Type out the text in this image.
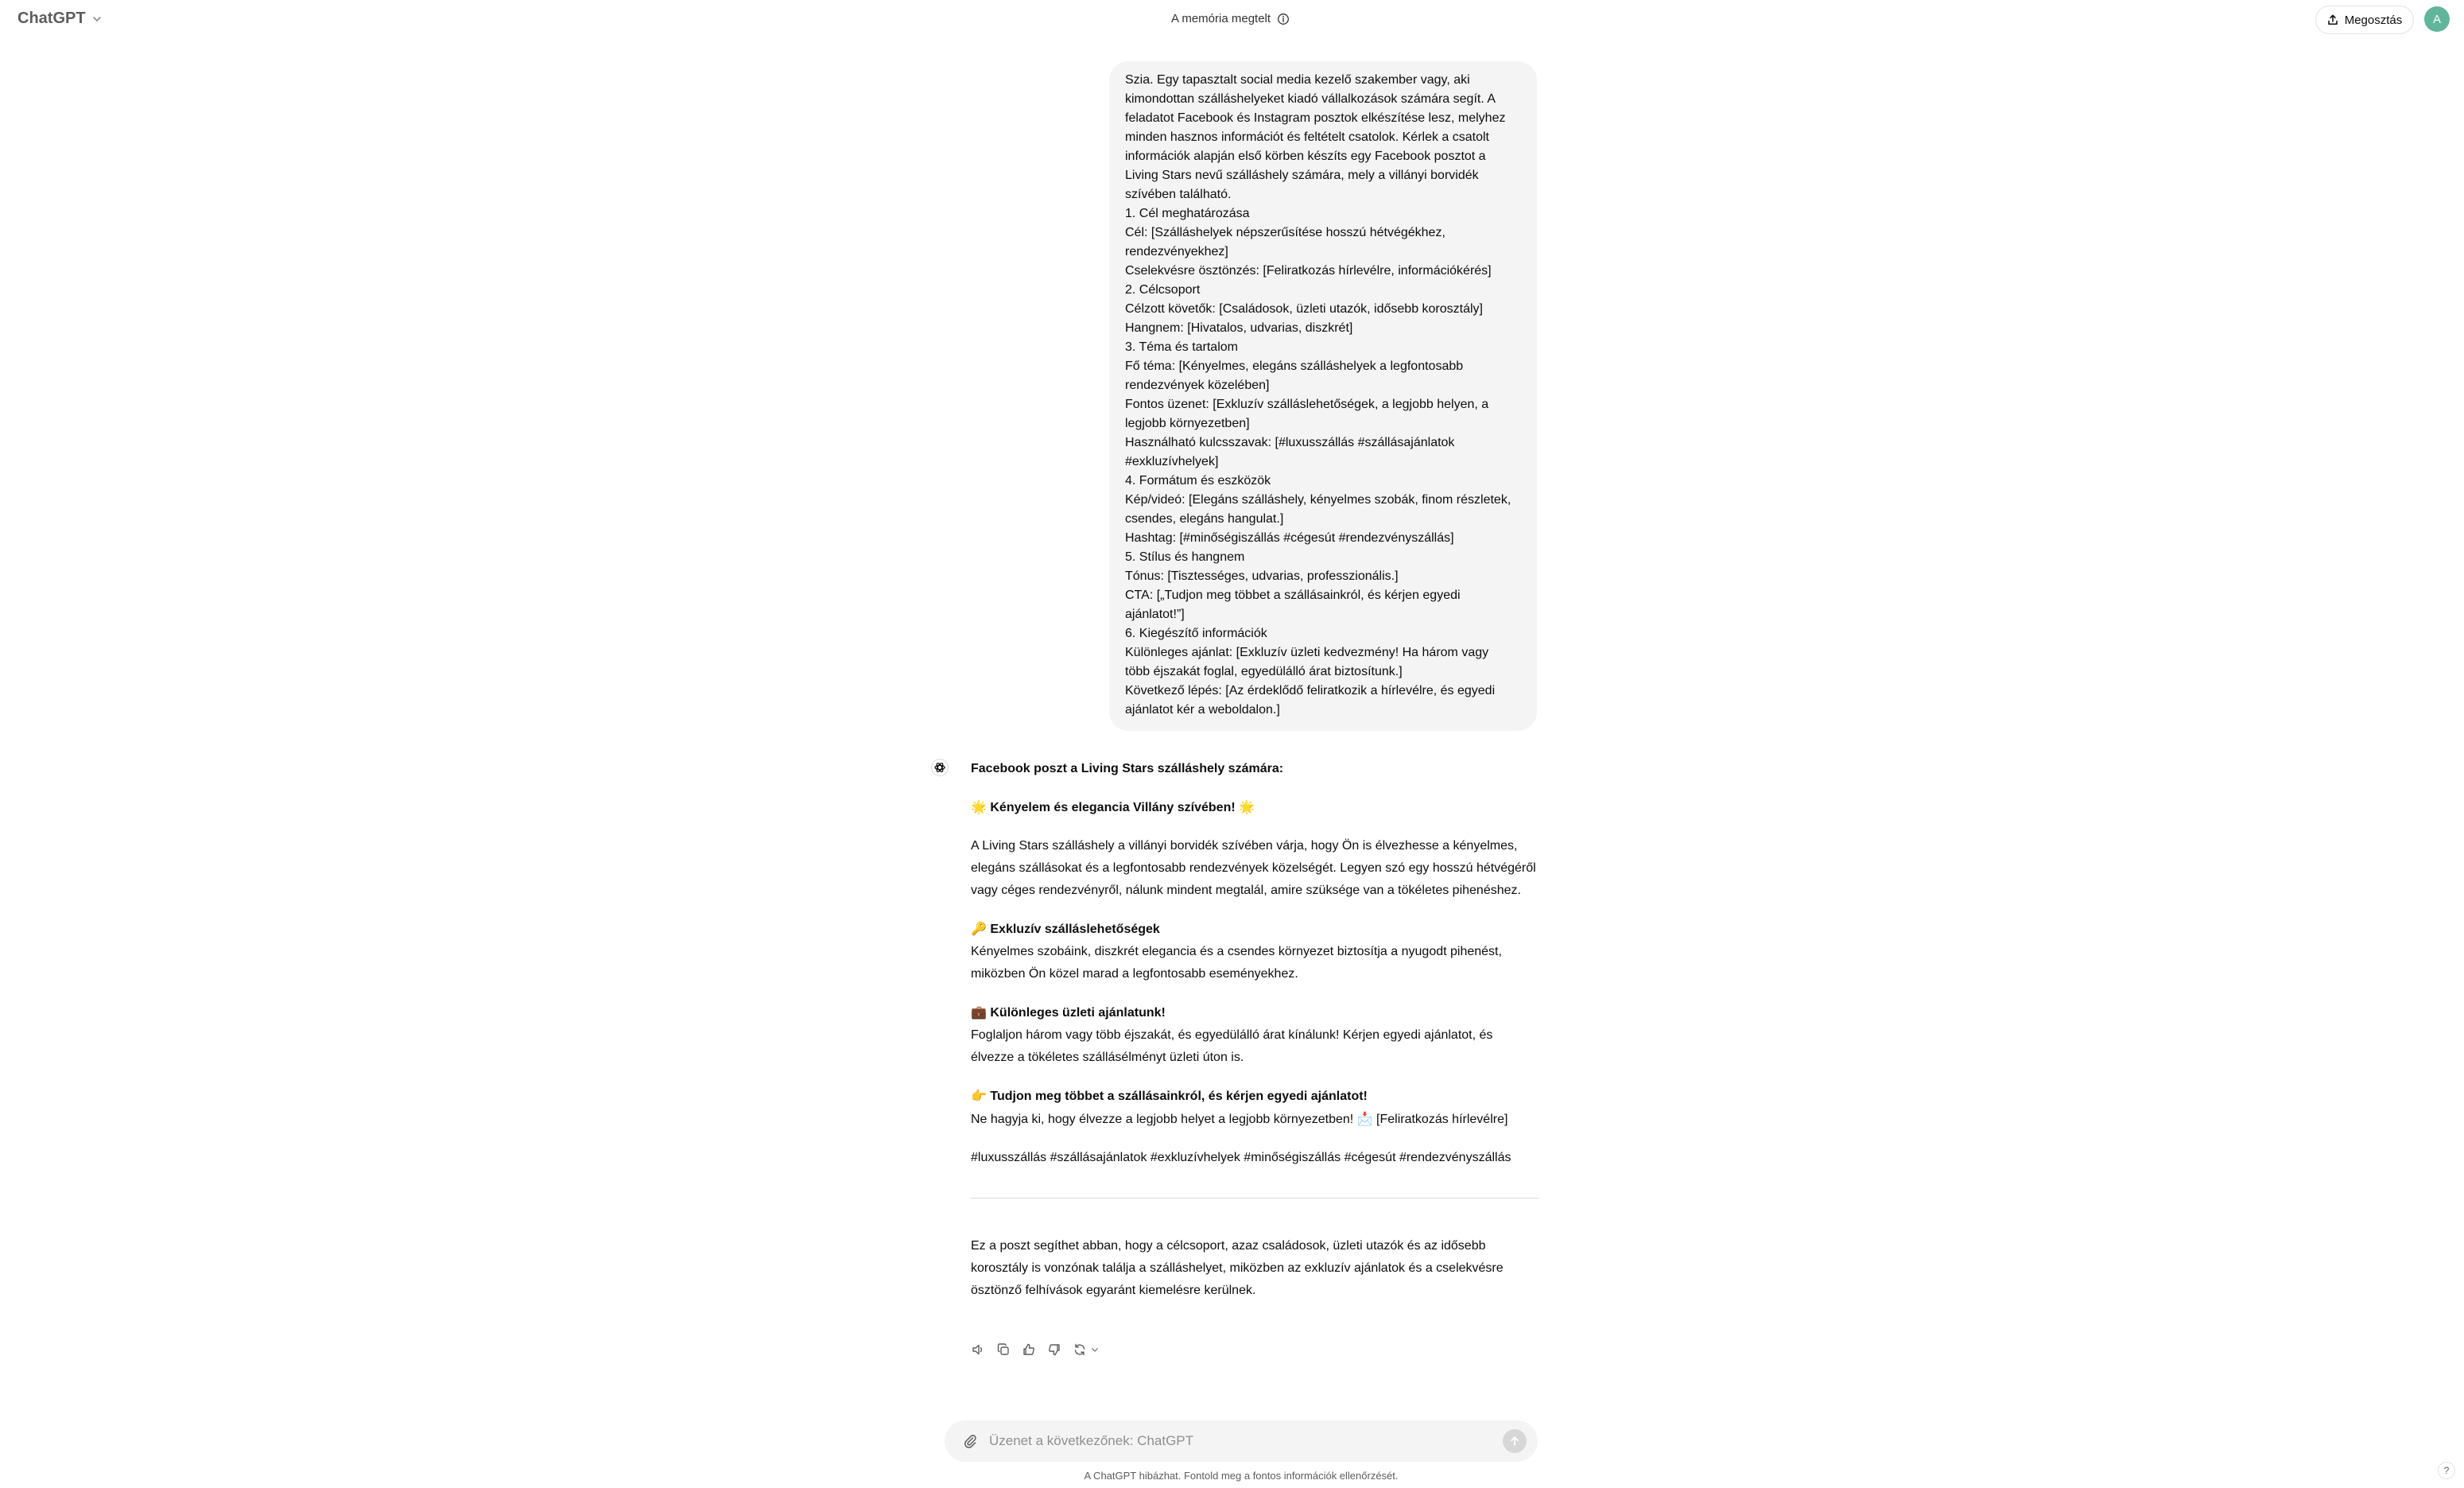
ChatGPT	A memória megtelt	Megosztás	A
Szia. Egy tapasztalt social media kezelő szakember vagy, aki
kimondottan szálláshelyeket kiadó vállalkozások számára segít. A
feladatot Facebook és Instagram posztok elkészítése lesz, melyhez
minden hasznos információt és feltételt csatolok. Kérlek a csatolt
információk alapján első körben készíts egy Facebook posztot a
Living Stars nevű szálláshely számára, mely a villányi borvidék
szívében található.
1. Cél meghatározása
Cél: [Szálláshelyek népszerűsítése hosszú hétvégékhez,
rendezvényekhez]
Cselekvésre ösztönzés: [Feliratkozás hírlevélre, információkérés]
2. Célcsoport
Célzott követők: [Családosok, üzleti utazók, idősebb korosztály]
Hangnem: [Hivatalos, udvarias, diszkrét]
3. Téma és tartalom
Fő téma: [Kényelmes, elegáns szálláshelyek a legfontosabb
rendezvények közelében]
Fontos üzenet: [Exkluzív szálláslehetőségek, a legjobb helyen, a
legjobb környezetben]
Használható kulcsszavak: [#luxusszállás #szállásajánlatok
#exkluzívhelyek]
4. Formátum és eszközök
Kép/videó: [Elegáns szálláshely, kényelmes szobák, finom részletek,
csendes, elegáns hangulat.]
Hashtag: [#minőségiszállás #cégesút #rendezvényszállás]
5. Stílus és hangnem
Tónus: [Tisztességes, udvarias, professzionális.]
CTA: [„Tudjon meg többet a szállásainkról, és kérjen egyedi
ajánlatot!”]
6. Kiegészítő információk
Különleges ajánlat: [Exkluzív üzleti kedvezmény! Ha három vagy
több éjszakát foglal, egyedülálló árat biztosítunk.]
Következő lépés: [Az érdeklődő feliratkozik a hírlevélre, és egyedi
ajánlatot kér a weboldalon.]

Facebook poszt a Living Stars szálláshely számára:

🌟 Kényelem és elegancia Villány szívében! 🌟

A Living Stars szálláshely a villányi borvidék szívében várja, hogy Ön is élvezhesse a kényelmes, elegáns szállásokat és a legfontosabb rendezvények közelségét. Legyen szó egy hosszú hétvégéről vagy céges rendezvényről, nálunk mindent megtalál, amire szüksége van a tökéletes pihenéshez.

🔑 Exkluzív szálláslehetőségek
Kényelmes szobáink, diszkrét elegancia és a csendes környezet biztosítja a nyugodt pihenést, miközben Ön közel marad a legfontosabb eseményekhez.

💼 Különleges üzleti ajánlatunk!
Foglaljon három vagy több éjszakát, és egyedülálló árat kínálunk! Kérjen egyedi ajánlatot, és élvezze a tökéletes szállásélményt üzleti úton is.

👉 Tudjon meg többet a szállásainkról, és kérjen egyedi ajánlatot!
Ne hagyja ki, hogy élvezze a legjobb helyet a legjobb környezetben! 📩 [Feliratkozás hírlevélre]

#luxusszállás #szállásajánlatok #exkluzívhelyek #minőségiszállás #cégesút #rendezvényszállás

Ez a poszt segíthet abban, hogy a célcsoport, azaz családosok, üzleti utazók és az idősebb korosztály is vonzónak találja a szálláshelyet, miközben az exkluzív ajánlatok és a cselekvésre ösztönző felhívások egyaránt kiemelésre kerülnek.

Üzenet a következőnek: ChatGPT
A ChatGPT hibázhat. Fontold meg a fontos információk ellenőrzését.	?
